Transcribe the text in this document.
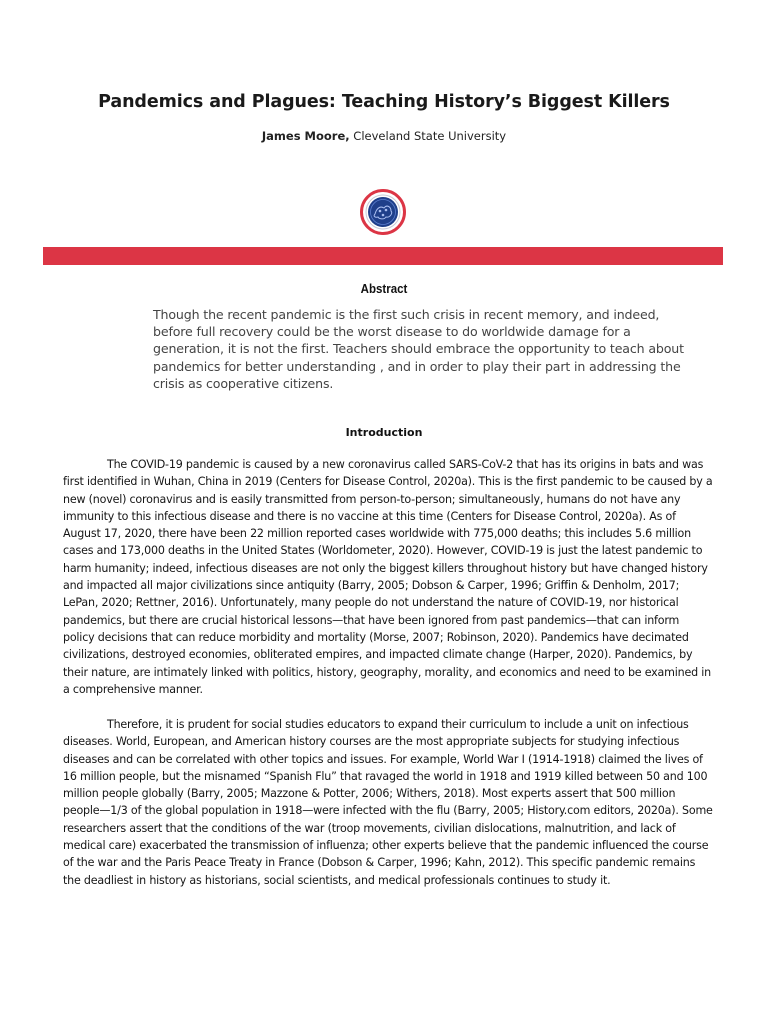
Pandemics and Plagues: Teaching History’s Biggest Killers
James Moore, Cleveland State University
Abstract
Though the recent pandemic is the first such crisis in recent memory, and indeed, before full recovery could be the worst disease to do worldwide damage for a generation, it is not the first. Teachers should embrace the opportunity to teach about pandemics for better understanding , and in order to play their part in addressing the crisis as cooperative citizens.
Introduction

The COVID-19 pandemic is caused by a new coronavirus called SARS-CoV-2 that has its origins in bats and was first identified in Wuhan, China in 2019 (Centers for Disease Control, 2020a). This is the first pandemic to be caused by a new (novel) coronavirus and is easily transmitted from person-to-person; simultaneously, humans do not have any immunity to this infectious disease and there is no vaccine at this time (Centers for Disease Control, 2020a). As of August 17, 2020, there have been 22 million reported cases worldwide with 775,000 deaths; this includes 5.6 million cases and 173,000 deaths in the United States (Worldometer, 2020). However, COVID-19 is just the latest pandemic to harm humanity; indeed, infectious diseases are not only the biggest killers throughout history but have changed history and impacted all major civilizations since antiquity (Barry, 2005; Dobson & Carper, 1996; Griffin & Denholm, 2017; LePan, 2020; Rettner, 2016). Unfortunately, many people do not understand the nature of COVID-19, nor historical pandemics, but there are crucial historical lessons—that have been ignored from past pandemics—that can inform policy decisions that can reduce morbidity and mortality (Morse, 2007; Robinson, 2020). Pandemics have decimated civilizations, destroyed economies, obliterated empires, and impacted climate change (Harper, 2020). Pandemics, by their nature, are intimately linked with politics, history, geography, morality, and economics and need to be examined in a comprehensive manner.

Therefore, it is prudent for social studies educators to expand their curriculum to include a unit on infectious diseases. World, European, and American history courses are the most appropriate subjects for studying infectious diseases and can be correlated with other topics and issues. For example, World War I (1914-1918) claimed the lives of 16 million people, but the misnamed “Spanish Flu” that ravaged the world in 1918 and 1919 killed between 50 and 100 million people globally (Barry, 2005; Mazzone & Potter, 2006; Withers, 2018). Most experts assert that 500 million people—1/3 of the global population in 1918—were infected with the flu (Barry, 2005; History.com editors, 2020a). Some researchers assert that the conditions of the war (troop movements, civilian dislocations, malnutrition, and lack of medical care) exacerbated the transmission of influenza; other experts believe that the pandemic influenced the course of the war and the Paris Peace Treaty in France (Dobson & Carper, 1996; Kahn, 2012). This specific pandemic remains the deadliest in history as historians, social scientists, and medical professionals continues to study it.
